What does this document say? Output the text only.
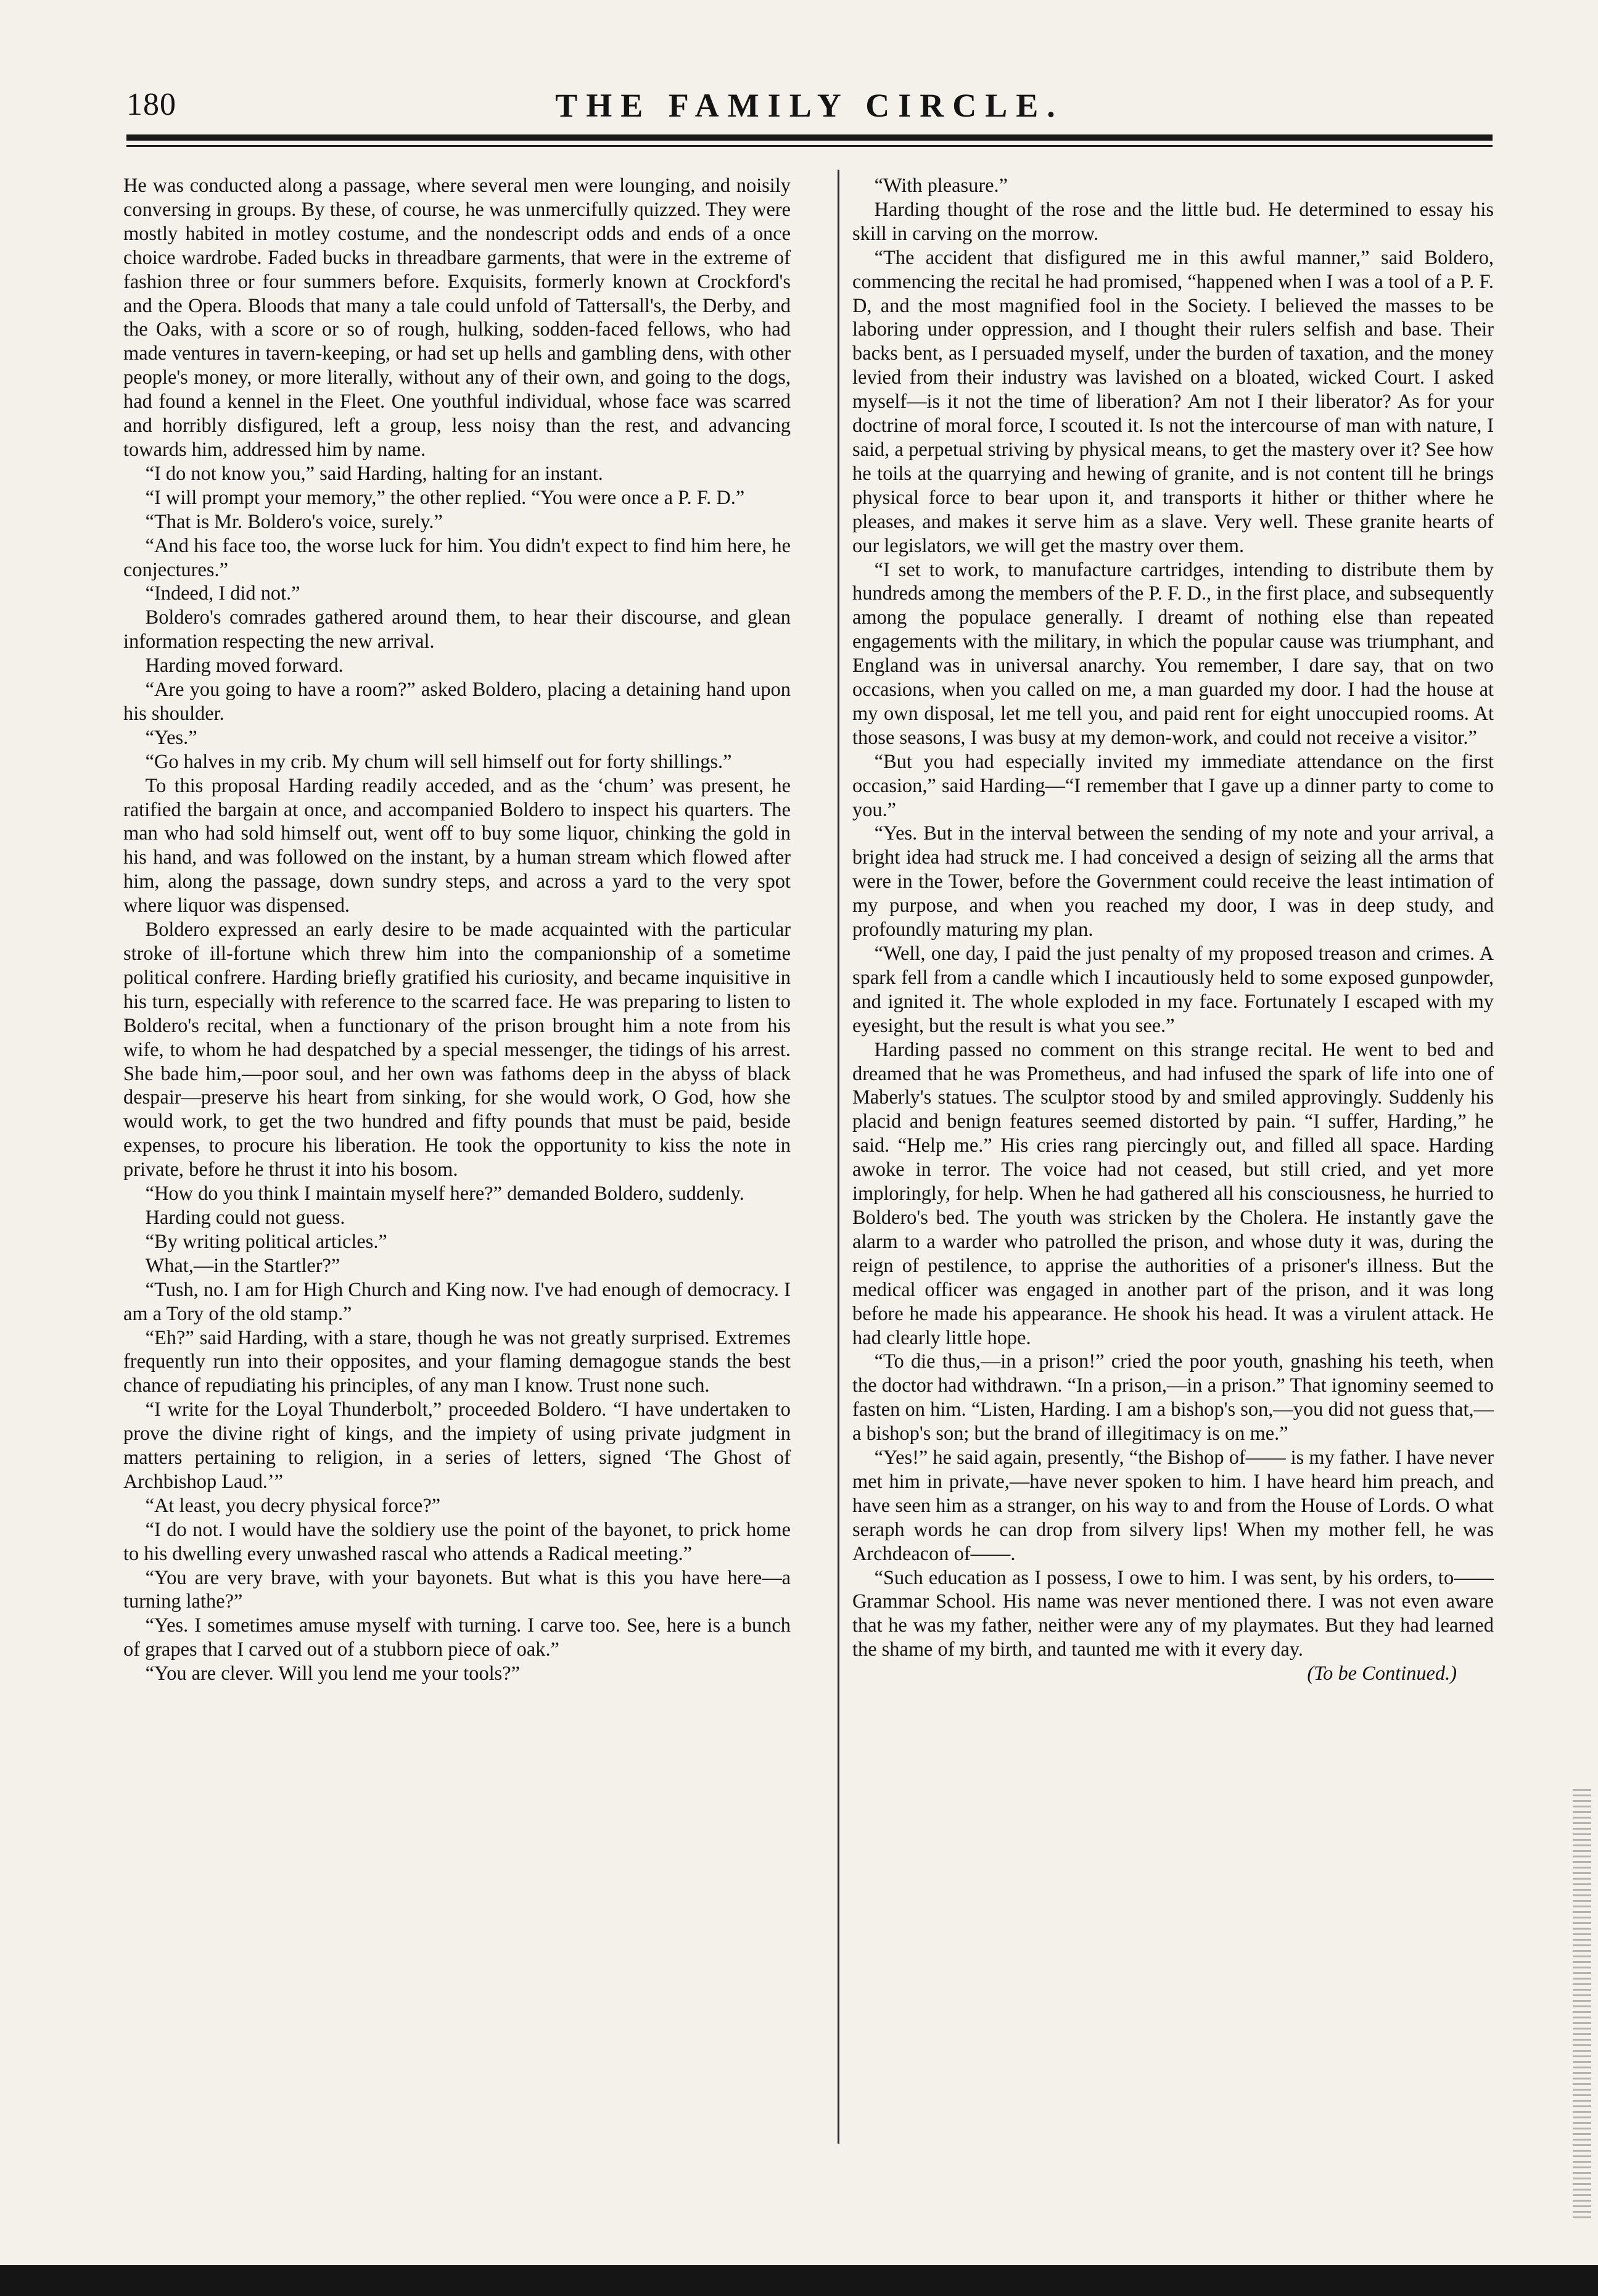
180	THE FAMILY CIRCLE.

He was conducted along a passage, where several men were lounging, and noisily conversing in groups. By these, of course, he was unmercifully quizzed. They were mostly habited in motley costume, and the nondescript odds and ends of a once choice wardrobe. Faded bucks in threadbare garments, that were in the extreme of fashion three or four summers before. Exquisits, formerly known at Crockford's and the Opera. Bloods that many a tale could unfold of Tattersall's, the Derby, and the Oaks, with a score or so of rough, hulking, sodden-faced fellows, who had made ventures in tavern-keeping, or had set up hells and gambling dens, with other people's money, or more literally, without any of their own, and going to the dogs, had found a kennel in the Fleet. One youthful individual, whose face was scarred and horribly disfigured, left a group, less noisy than the rest, and advancing towards him, addressed him by name.

“I do not know you,” said Harding, halting for an instant.

“I will prompt your memory,” the other replied. “You were once a P. F. D.”

“That is Mr. Boldero's voice, surely.”

“And his face too, the worse luck for him. You didn't expect to find him here, he conjectures.”

“Indeed, I did not.”

Boldero's comrades gathered around them, to hear their discourse, and glean information respecting the new arrival.

Harding moved forward.

“Are you going to have a room?” asked Boldero, placing a detaining hand upon his shoulder.

“Yes.”

“Go halves in my crib. My chum will sell himself out for forty shillings.”

To this proposal Harding readily acceded, and as the ‘chum’ was present, he ratified the bargain at once, and accompanied Boldero to inspect his quarters. The man who had sold himself out, went off to buy some liquor, chinking the gold in his hand, and was followed on the instant, by a human stream which flowed after him, along the passage, down sundry steps, and across a yard to the very spot where liquor was dispensed.

Boldero expressed an early desire to be made acquainted with the particular stroke of ill-fortune which threw him into the companionship of a sometime political confrere. Harding briefly gratified his curiosity, and became inquisitive in his turn, especially with reference to the scarred face. He was preparing to listen to Boldero's recital, when a functionary of the prison brought him a note from his wife, to whom he had despatched by a special messenger, the tidings of his arrest. She bade him,—poor soul, and her own was fathoms deep in the abyss of black despair—preserve his heart from sinking, for she would work, O God, how she would work, to get the two hundred and fifty pounds that must be paid, beside expenses, to procure his liberation. He took the opportunity to kiss the note in private, before he thrust it into his bosom.

“How do you think I maintain myself here?” demanded Boldero, suddenly.

Harding could not guess.

“By writing political articles.”

What,—in the Startler?”

“Tush, no. I am for High Church and King now. I've had enough of democracy. I am a Tory of the old stamp.”

“Eh?” said Harding, with a stare, though he was not greatly surprised. Extremes frequently run into their opposites, and your flaming demagogue stands the best chance of repudiating his principles, of any man I know. Trust none such.

“I write for the Loyal Thunderbolt,” proceeded Boldero. “I have undertaken to prove the divine right of kings, and the impiety of using private judgment in matters pertaining to religion, in a series of letters, signed ‘The Ghost of Archbishop Laud.’”

“At least, you decry physical force?”

“I do not. I would have the soldiery use the point of the bayonet, to prick home to his dwelling every unwashed rascal who attends a Radical meeting.”

“You are very brave, with your bayonets. But what is this you have here—a turning lathe?”

“Yes. I sometimes amuse myself with turning. I carve too. See, here is a bunch of grapes that I carved out of a stubborn piece of oak.”

“You are clever. Will you lend me your tools?”

“With pleasure.”

Harding thought of the rose and the little bud. He determined to essay his skill in carving on the morrow.

“The accident that disfigured me in this awful manner,” said Boldero, commencing the recital he had promised, “happened when I was a tool of a P. F. D, and the most magnified fool in the Society. I believed the masses to be laboring under oppression, and I thought their rulers selfish and base. Their backs bent, as I persuaded myself, under the burden of taxation, and the money levied from their industry was lavished on a bloated, wicked Court. I asked myself—is it not the time of liberation? Am not I their liberator? As for your doctrine of moral force, I scouted it. Is not the intercourse of man with nature, I said, a perpetual striving by physical means, to get the mastery over it? See how he toils at the quarrying and hewing of granite, and is not content till he brings physical force to bear upon it, and transports it hither or thither where he pleases, and makes it serve him as a slave. Very well. These granite hearts of our legislators, we will get the mastry over them.

“I set to work, to manufacture cartridges, intending to distribute them by hundreds among the members of the P. F. D., in the first place, and subsequently among the populace generally. I dreamt of nothing else than repeated engagements with the military, in which the popular cause was triumphant, and England was in universal anarchy. You remember, I dare say, that on two occasions, when you called on me, a man guarded my door. I had the house at my own disposal, let me tell you, and paid rent for eight unoccupied rooms. At those seasons, I was busy at my demon-work, and could not receive a visitor.”

“But you had especially invited my immediate attendance on the first occasion,” said Harding—“I remember that I gave up a dinner party to come to you.”

“Yes. But in the interval between the sending of my note and your arrival, a bright idea had struck me. I had conceived a design of seizing all the arms that were in the Tower, before the Government could receive the least intimation of my purpose, and when you reached my door, I was in deep study, and profoundly maturing my plan.

“Well, one day, I paid the just penalty of my proposed treason and crimes. A spark fell from a candle which I incautiously held to some exposed gunpowder, and ignited it. The whole exploded in my face. Fortunately I escaped with my eyesight, but the result is what you see.”

Harding passed no comment on this strange recital. He went to bed and dreamed that he was Prometheus, and had infused the spark of life into one of Maberly's statues. The sculptor stood by and smiled approvingly. Suddenly his placid and benign features seemed distorted by pain. “I suffer, Harding,” he said. “Help me.” His cries rang piercingly out, and filled all space. Harding awoke in terror. The voice had not ceased, but still cried, and yet more imploringly, for help. When he had gathered all his consciousness, he hurried to Boldero's bed. The youth was stricken by the Cholera. He instantly gave the alarm to a warder who patrolled the prison, and whose duty it was, during the reign of pestilence, to apprise the authorities of a prisoner's illness. But the medical officer was engaged in another part of the prison, and it was long before he made his appearance. He shook his head. It was a virulent attack. He had clearly little hope.

“To die thus,—in a prison!” cried the poor youth, gnashing his teeth, when the doctor had withdrawn. “In a prison,—in a prison.” That ignominy seemed to fasten on him. “Listen, Harding. I am a bishop's son,—you did not guess that,—a bishop's son; but the brand of illegitimacy is on me.”

“Yes!” he said again, presently, “the Bishop of—— is my father. I have never met him in private,—have never spoken to him. I have heard him preach, and have seen him as a stranger, on his way to and from the House of Lords. O what seraph words he can drop from silvery lips! When my mother fell, he was Archdeacon of——.

“Such education as I possess, I owe to him. I was sent, by his orders, to—— Grammar School. His name was never mentioned there. I was not even aware that he was my father, neither were any of my playmates. But they had learned the shame of my birth, and taunted me with it every day.
(To be Continued.)
